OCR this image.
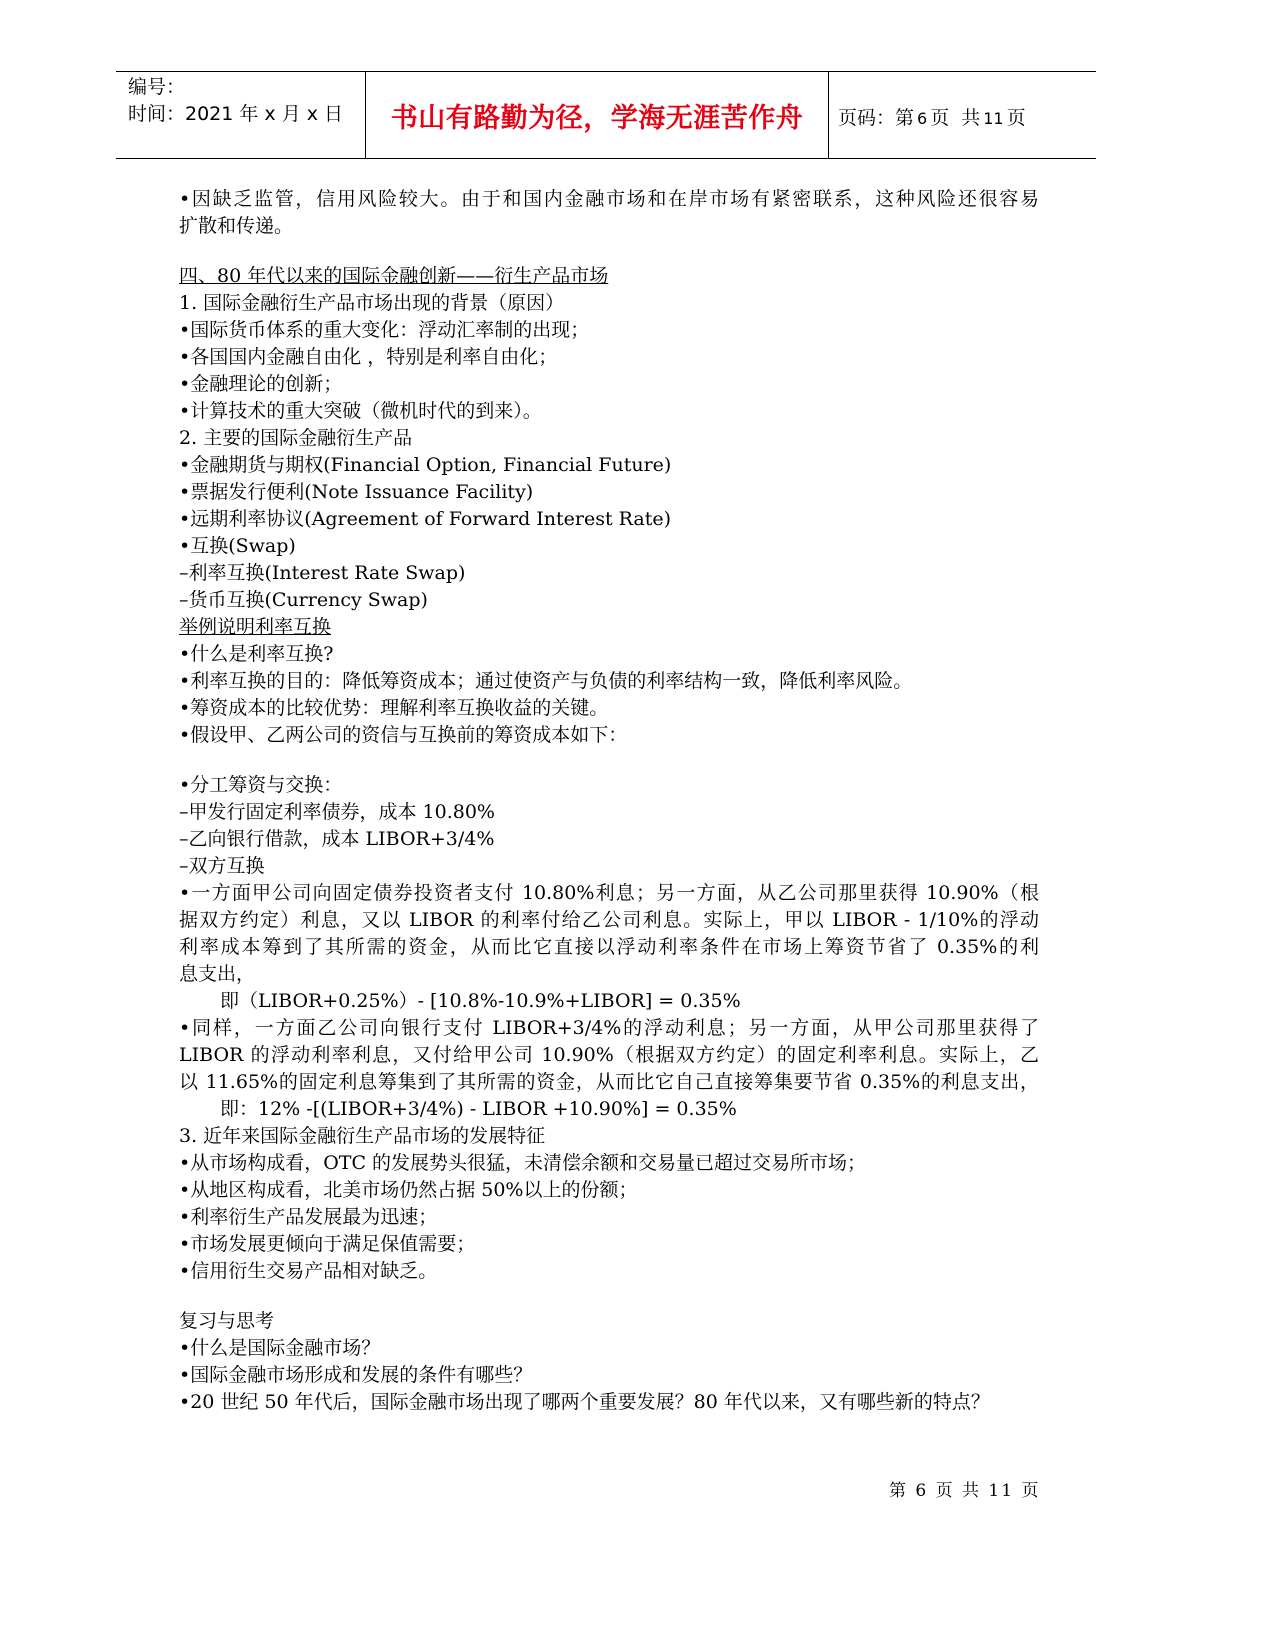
编号：
时间：2021 年 x 月 x 日	书山有路勤为径，学海无涯苦作舟	页码：第 6 页 共 11 页
•因缺乏监管，信用风险较大。由于和国内金融市场和在岸市场有紧密联系，这种风险还很容易
扩散和传递。
四、80 年代以来的国际金融创新——衍生产品市场
1. 国际金融衍生产品市场出现的背景（原因）
•国际货币体系的重大变化：浮动汇率制的出现；
•各国国内金融自由化 ，特别是利率自由化；
•金融理论的创新；
•计算技术的重大突破（微机时代的到来）。
2. 主要的国际金融衍生产品
•金融期货与期权(Financial Option, Financial Future)
•票据发行便利(Note Issuance Facility)
•远期利率协议(Agreement of Forward Interest Rate)
•互换(Swap)
–利率互换(Interest Rate Swap)
–货币互换(Currency Swap)
举例说明利率互换
•什么是利率互换?
•利率互换的目的：降低筹资成本；通过使资产与负债的利率结构一致，降低利率风险。
•筹资成本的比较优势：理解利率互换收益的关键。
•假设甲、乙两公司的资信与互换前的筹资成本如下：
•分工筹资与交换：
–甲发行固定利率债券，成本 10.80%
–乙向银行借款，成本 LIBOR+3/4%
–双方互换
•一方面甲公司向固定债券投资者支付 10.80%利息；另一方面，从乙公司那里获得 10.90%（根
据双方约定）利息，又以 LIBOR 的利率付给乙公司利息。实际上，甲以 LIBOR - 1/10%的浮动
利率成本筹到了其所需的资金，从而比它直接以浮动利率条件在市场上筹资节省了 0.35%的利
息支出，
即（LIBOR+0.25%）- [10.8%-10.9%+LIBOR] = 0.35%
•同样，一方面乙公司向银行支付 LIBOR+3/4%的浮动利息；另一方面，从甲公司那里获得了
LIBOR 的浮动利率利息，又付给甲公司 10.90%（根据双方约定）的固定利率利息。实际上，乙
以 11.65%的固定利息筹集到了其所需的资金，从而比它自己直接筹集要节省 0.35%的利息支出，
即：12% -[(LIBOR+3/4%) - LIBOR +10.90%] = 0.35%
3. 近年来国际金融衍生产品市场的发展特征
•从市场构成看，OTC 的发展势头很猛，未清偿余额和交易量已超过交易所市场；
•从地区构成看，北美市场仍然占据 50%以上的份额；
•利率衍生产品发展最为迅速；
•市场发展更倾向于满足保值需要；
•信用衍生交易产品相对缺乏。
复习与思考
•什么是国际金融市场？
•国际金融市场形成和发展的条件有哪些？
•20 世纪 50 年代后，国际金融市场出现了哪两个重要发展？80 年代以来，又有哪些新的特点？
第 6 页 共 11 页
